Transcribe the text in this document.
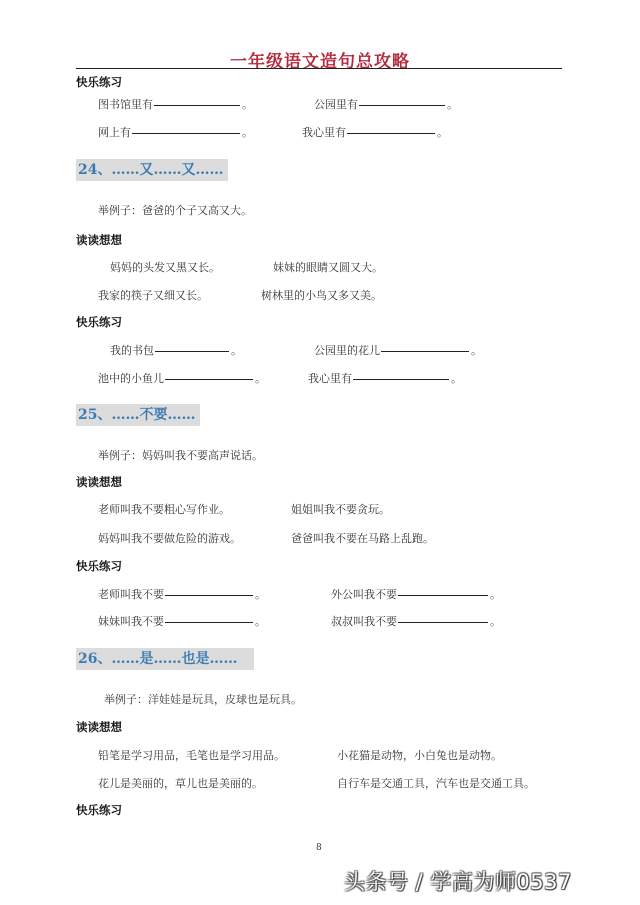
一年级语文造句总攻略
快乐练习
图书馆里有	。	公园里有	。
网上有	。	我心里有	。
24、……又……又……
举例子：爸爸的个子又高又大。
读读想想
妈妈的头发又黑又长。	妹妹的眼睛又圆又大。
我家的筷子又细又长。	树林里的小鸟又多又美。
快乐练习
我的书包	。	公园里的花儿	。
池中的小鱼儿	。	我心里有	。
25、……不要……
举例子：妈妈叫我不要高声说话。
读读想想
老师叫我不要粗心写作业。	姐姐叫我不要贪玩。
妈妈叫我不要做危险的游戏。	爸爸叫我不要在马路上乱跑。
快乐练习
老师叫我不要	。	外公叫我不要	。
妹妹叫我不要	。	叔叔叫我不要	。
26、……是……也是……
举例子：洋娃娃是玩具，皮球也是玩具。
读读想想
铅笔是学习用品，毛笔也是学习用品。	小花猫是动物，小白兔也是动物。
花儿是美丽的，草儿也是美丽的。	自行车是交通工具，汽车也是交通工具。
快乐练习
8
头条号 / 学高为师0537
